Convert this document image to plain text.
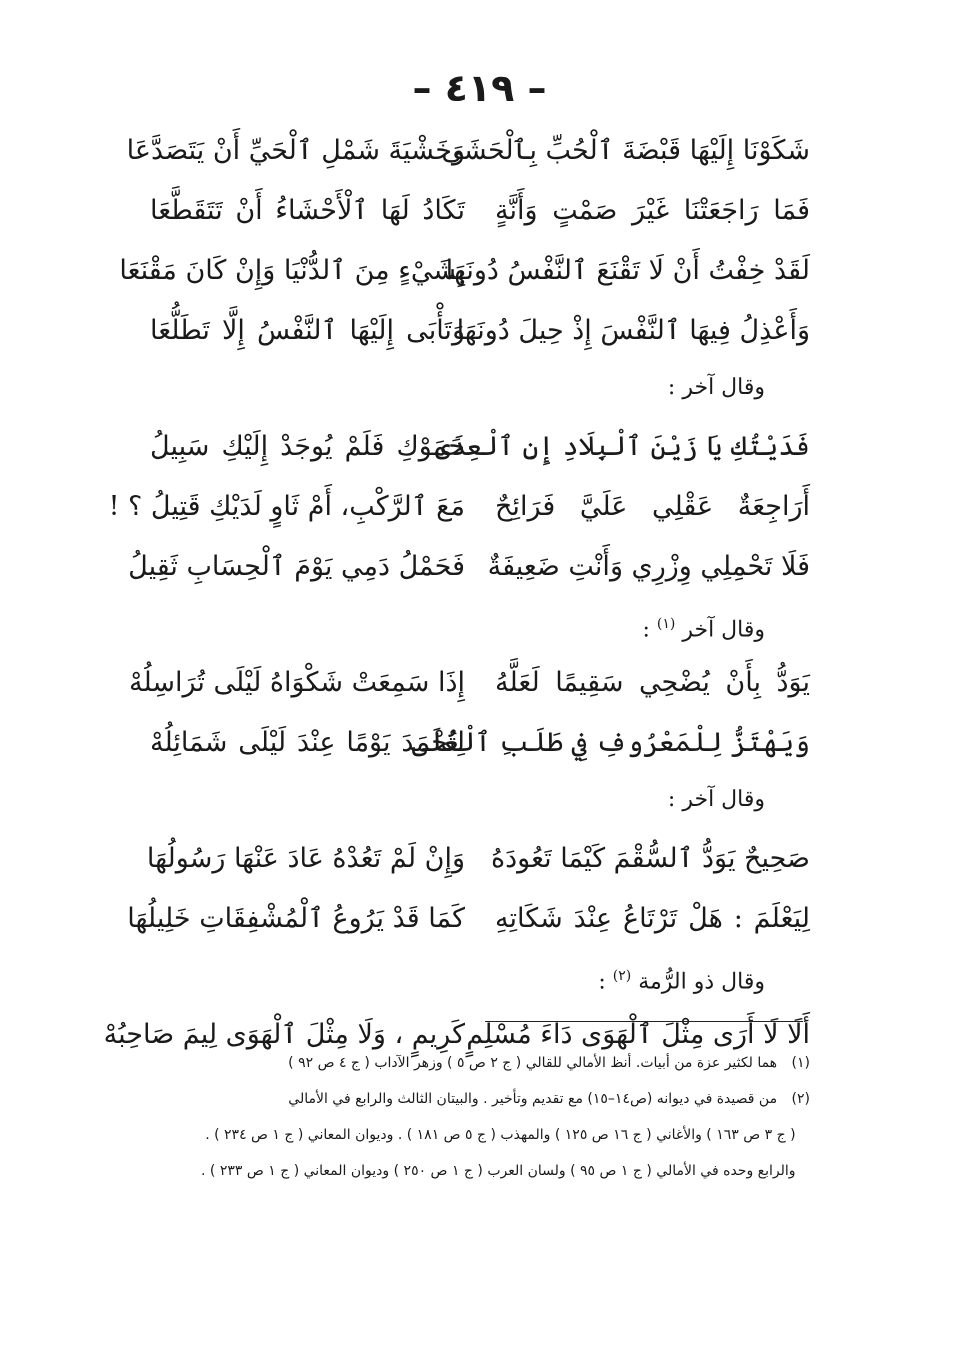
– ٤١٩ –
شَكَوْنَا إِلَيْهَا قَبْضَةَ ٱلْحُبِّ بِٱلْحَشَى
وَخَشْيَةَ شَمْلِ ٱلْحَيِّ أَنْ يَتَصَدَّعَا
فَمَا رَاجَعَتْنَا غَيْرَ صَمْتٍ وَأَنَّةٍ
تَكَادُ لَهَا ٱلْأَحْشَاءُ أَنْ تَتَقَطَّعَا
لَقَدْ خِفْتُ أَنْ لَا تَقْنَعَ ٱلنَّفْسُ دُونَهَا
بِشَيْءٍ مِنَ ٱلدُّنْيَا وَإِنْ كَانَ مَقْنَعَا
وَأَعْذِلُ فِيهَا ٱلنَّفْسَ إِذْ حِيلَ دُونَهَا
وَتَأْبَى إِلَيْهَا ٱلنَّفْسُ إِلَّا تَطَلُّعَا
وقال آخر :
فَدَيْتُكِ يَا زَيْنَ ٱلْبِلَادِ إِنِ ٱلْعِدَى
حَمَوْكِ فَلَمْ يُوجَدْ إِلَيْكِ سَبِيلُ
أَرَاجِعَةٌ عَقْلِي عَلَيَّ فَرَائِحٌ
مَعَ ٱلرَّكْبِ، أَمْ ثَاوٍ لَدَيْكِ قَتِيلُ ؟ !
فَلَا تَحْمِلِي وِزْرِي وَأَنْتِ ضَعِيفَةٌ
فَحَمْلُ دَمِي يَوْمَ ٱلْحِسَابِ ثَقِيلُ
وقال آخر $^{(١)}$ :
يَوَدُّ بِأَنْ يُضْحِي سَقِيمًا لَعَلَّهُ
إِذَا سَمِعَتْ شَكْوَاهُ لَيْلَى تُرَاسِلُهْ
وَيَهْتَزُّ لِلْمَعْرُوفِ فِي طَلَبِ ٱلْعُلَى
لِتُحْمَدَ يَوْمًا عِنْدَ لَيْلَى شَمَائِلُهْ
وقال آخر :
صَحِيحٌ يَوَدُّ ٱلسُّقْمَ كَيْمَا تَعُودَهُ
وَإِنْ لَمْ تَعُدْهُ عَادَ عَنْهَا رَسُولُهَا
لِيَعْلَمَ : هَلْ تَرْتَاعُ عِنْدَ شَكَاتِهِ
كَمَا قَدْ يَرُوعُ ٱلْمُشْفِقَاتِ خَلِيلُهَا
وقال ذو الرُّمة $^{(٢)}$ :
أَلَا لَا أَرَى مِثْلَ ٱلْهَوَى دَاءَ مُسْلِمٍ
كَرِيمٍ ، وَلَا مِثْلَ ٱلْهَوَى لِيمَ صَاحِبُهْ
(١) هما لكثير عزة من أبيات. أنظ الأمالي للقالي ( ج ٢ ص ٥ ) وزهر الآداب ( ج ٤ ص ٩٢ )
(٢) من قصيدة في ديوانه (ص١٤–١٥) مع تقديم وتأخير . والبيتان الثالث والرابع في الأمالي
( ج ٣ ص ١٦٣ ) والأغاني ( ج ١٦ ص ١٢٥ ) والمهذب ( ج ٥ ص ١٨١ ) . وديوان المعاني ( ج ١ ص ٢٣٤ ) .
والرابع وحده في الأمالي ( ج ١ ص ٩٥ ) ولسان العرب ( ج ١ ص ٢٥٠ ) وديوان المعاني ( ج ١ ص ٢٣٣ ) .
